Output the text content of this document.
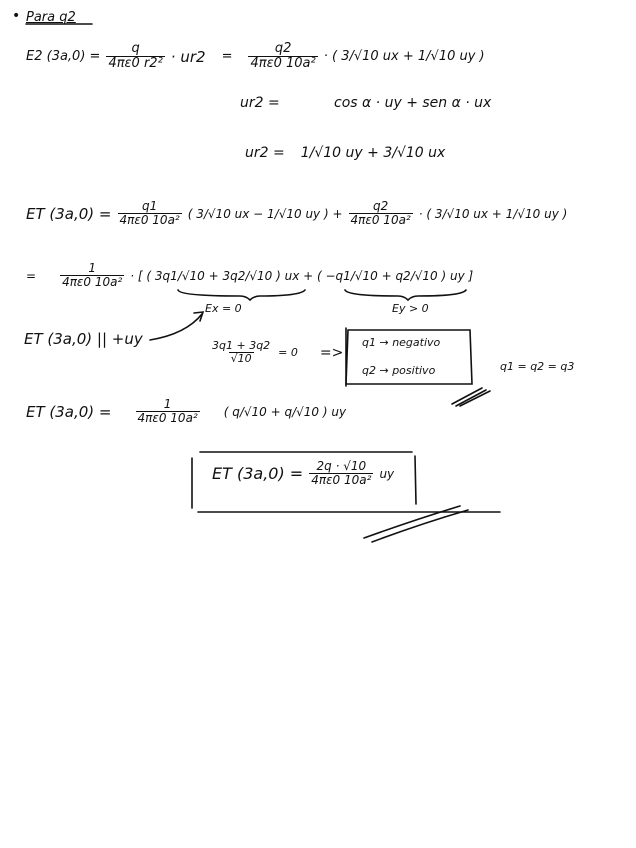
• Para q2
E2 $(3a,0) = \frac{q}{\text{4πε0 r2²}} \cdot ur2 = \frac{q2}{\text{4πε0 10a²}}$ · ( 3/√10 ux + 1/√10 uy )
ur2 =	cos α · uy + sen α · ux
ur2 = 1/√10 uy + 3/√10 ux
ET $(3a,0) = \frac{q1}{\text{4πε0 10a²}}$ ( 3/√10 ux − 1/√10 uy ) + $\frac{q2}{\text{4πε0 10a²}}$ · ( 3/√10 ux + 1/√10 uy )
= $\frac{1}{\text{4πε0 10a²}}$ · [ ( 3q1/√10 + 3q2/√10 ) ux + ( −q1/√10 + q2/√10 ) uy ]
Ex = 0	Ey > 0
ET (3a,0) || +uy
$\frac{3q1 + 3q2}{√10} = 0$ =>
q1 → negativo
q2 → positivo	q1 = q2 = q3
ET $(3a,0) = \frac{1}{\text{4πε0 10a²}}$ ( q/√10 + q/√10 ) uy
ET $(3a,0) = \frac{2q \cdot √10}{\text{4πε0 10a²}}$ uy
